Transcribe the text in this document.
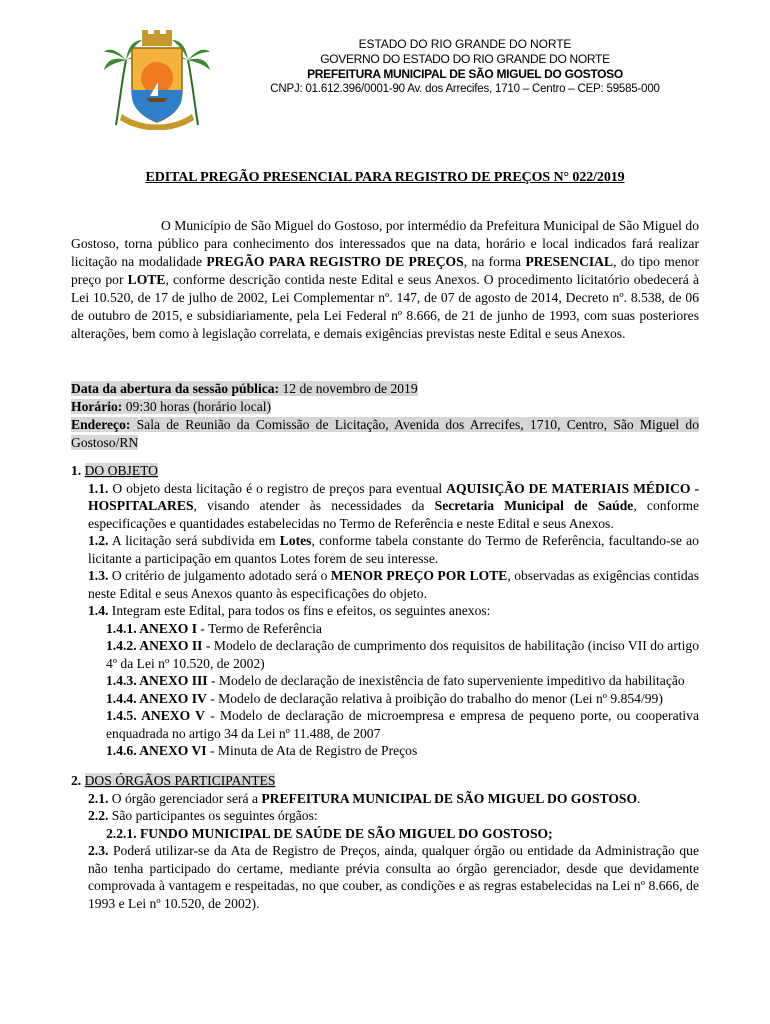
ESTADO DO RIO GRANDE DO NORTE
GOVERNO DO ESTADO DO RIO GRANDE DO NORTE
PREFEITURA MUNICIPAL DE SÃO MIGUEL DO GOSTOSO
CNPJ: 01.612.396/0001-90 Av. dos Arrecifes, 1710 – Centro – CEP: 59585-000
EDITAL PREGÃO PRESENCIAL PARA REGISTRO DE PREÇOS N° 022/2019
O Município de São Miguel do Gostoso, por intermédio da Prefeitura Municipal de São Miguel do Gostoso, torna público para conhecimento dos interessados que na data, horário e local indicados fará realizar licitação na modalidade PREGÃO PARA REGISTRO DE PREÇOS, na forma PRESENCIAL, do tipo menor preço por LOTE, conforme descrição contida neste Edital e seus Anexos. O procedimento licitatório obedecerá à Lei 10.520, de 17 de julho de 2002, Lei Complementar nº. 147, de 07 de agosto de 2014, Decreto nº. 8.538, de 06 de outubro de 2015, e subsidiariamente, pela Lei Federal nº 8.666, de 21 de junho de 1993, com suas posteriores alterações, bem como à legislação correlata, e demais exigências previstas neste Edital e seus Anexos.
Data da abertura da sessão pública: 12 de novembro de 2019
Horário: 09:30 horas (horário local)
Endereço: Sala de Reunião da Comissão de Licitação, Avenida dos Arrecifes, 1710, Centro, São Miguel do Gostoso/RN

1. DO OBJETO

1.1. O objeto desta licitação é o registro de preços para eventual AQUISIÇÃO DE MATERIAIS MÉDICO - HOSPITALARES, visando atender às necessidades da Secretaria Municipal de Saúde, conforme especificações e quantidades estabelecidas no Termo de Referência e neste Edital e seus Anexos.

1.2. A licitação será subdivida em Lotes, conforme tabela constante do Termo de Referência, facultando-se ao licitante a participação em quantos Lotes forem de seu interesse.

1.3. O critério de julgamento adotado será o MENOR PREÇO POR LOTE, observadas as exigências contidas neste Edital e seus Anexos quanto às especificações do objeto.

1.4. Integram este Edital, para todos os fins e efeitos, os seguintes anexos:

1.4.1. ANEXO I - Termo de Referência

1.4.2. ANEXO II - Modelo de declaração de cumprimento dos requisitos de habilitação (inciso VII do artigo 4º da Lei nº 10.520, de 2002)

1.4.3. ANEXO III - Modelo de declaração de inexistência de fato superveniente impeditivo da habilitação

1.4.4. ANEXO IV - Modelo de declaração relativa à proibição do trabalho do menor (Lei nº 9.854/99)

1.4.5. ANEXO V - Modelo de declaração de microempresa e empresa de pequeno porte, ou cooperativa enquadrada no artigo 34 da Lei nº 11.488, de 2007

1.4.6. ANEXO VI - Minuta de Ata de Registro de Preços

2. DOS ÓRGÃOS PARTICIPANTES

2.1. O órgão gerenciador será a PREFEITURA MUNICIPAL DE SÃO MIGUEL DO GOSTOSO.

2.2. São participantes os seguintes órgãos:

2.2.1. FUNDO MUNICIPAL DE SAÚDE DE SÃO MIGUEL DO GOSTOSO;

2.3. Poderá utilizar-se da Ata de Registro de Preços, ainda, qualquer órgão ou entidade da Administração que não tenha participado do certame, mediante prévia consulta ao órgão gerenciador, desde que devidamente comprovada à vantagem e respeitadas, no que couber, as condições e as regras estabelecidas na Lei nº 8.666, de 1993 e Lei nº 10.520, de 2002).
